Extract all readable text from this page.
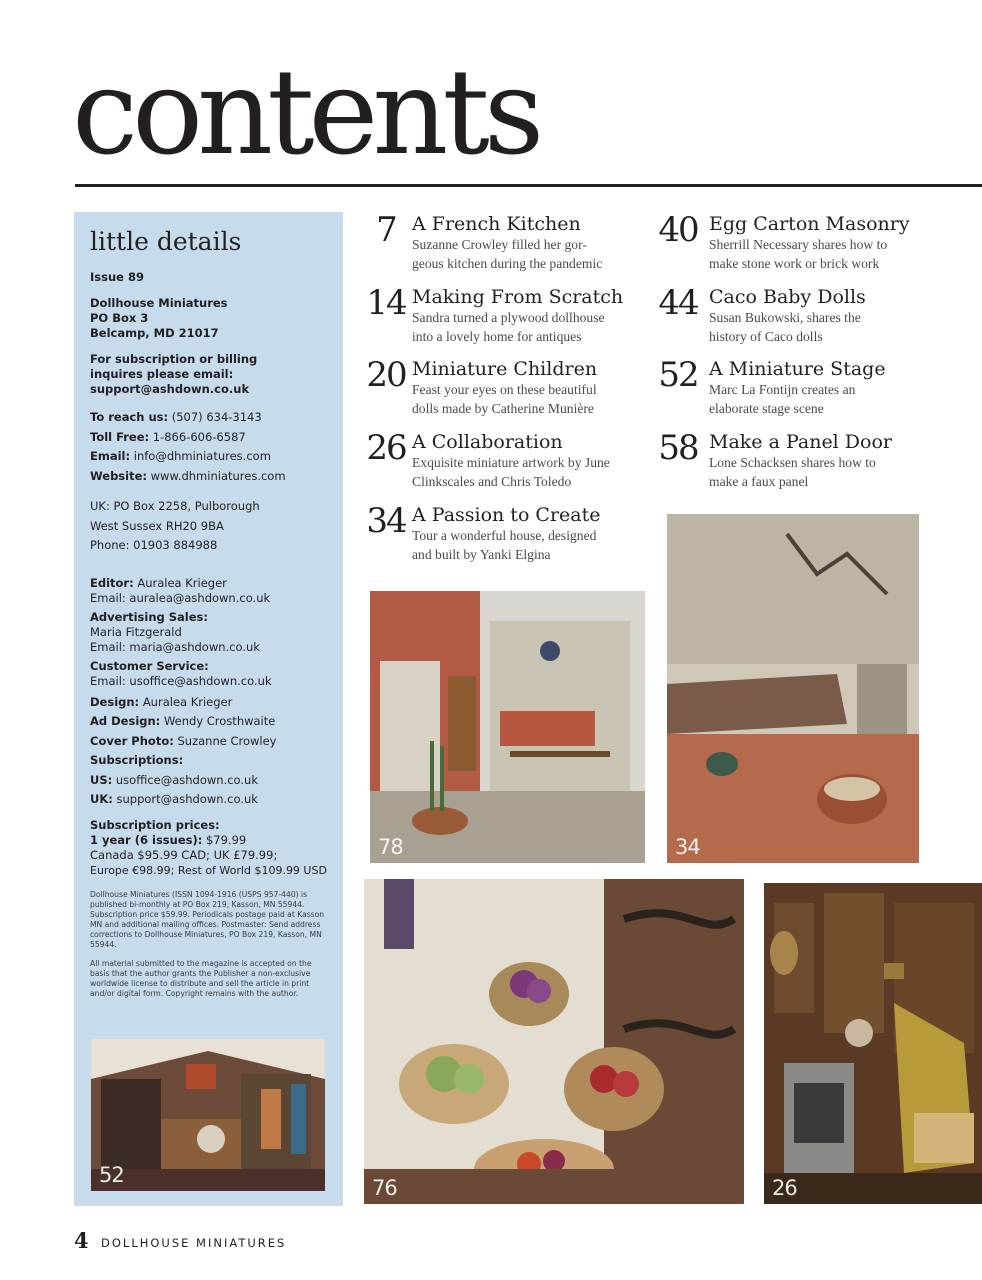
contents
little details
Issue 89
Dollhouse Miniatures
PO Box 3
Belcamp, MD 21017
For subscription or billing
inquires please email:
support@ashdown.co.uk
To reach us: (507) 634-3143
Toll Free: 1-866-606-6587
Email: info@dhminiatures.com
Website: www.dhminiatures.com
UK: PO Box 2258, Pulborough
West Sussex RH20 9BA
Phone: 01903 884988
Editor: Auralea Krieger
Email: auralea@ashdown.co.uk
Advertising Sales:
Maria Fitzgerald
Email: maria@ashdown.co.uk
Customer Service:
Email: usoffice@ashdown.co.uk
Design: Auralea Krieger
Ad Design: Wendy Crosthwaite
Cover Photo: Suzanne Crowley
Subscriptions:
US: usoffice@ashdown.co.uk
UK: support@ashdown.co.uk
Subscription prices:
1 year (6 issues): $79.99
Canada $95.99 CAD; UK £79.99;
Europe €98.99; Rest of World $109.99 USD
Dollhouse Miniatures (ISSN 1094-1916 (USPS 957-440) is published bi-monthly at PO Box 219, Kasson, MN 55944. Subscription price $59.99. Periodicals postage paid at Kasson MN and additional mailing offices. Postmaster: Send address corrections to Dollhouse Miniatures, PO Box 219, Kasson, MN 55944.
All material submitted to the magazine is accepted on the basis that the author grants the Publisher a non-exclusive worldwide license to distribute and sell the article in print and/or digital form. Copyright remains with the author.
52
7 A French Kitchen
Suzanne Crowley filled her gor-
geous kitchen during the pandemic
14 Making From Scratch
Sandra turned a plywood dollhouse
into a lovely home for antiques
20 Miniature Children
Feast your eyes on these beautiful
dolls made by Catherine Munière
26 A Collaboration
Exquisite miniature artwork by June
Clinkscales and Chris Toledo
34 A Passion to Create
Tour a wonderful house, designed
and built by Yanki Elgina
40 Egg Carton Masonry
Sherrill Necessary shares how to
make stone work or brick work
44 Caco Baby Dolls
Susan Bukowski, shares the
history of Caco dolls
52 A Miniature Stage
Marc La Fontijn creates an
elaborate stage scene
58 Make a Panel Door
Lone Schacksen shares how to
make a faux panel
78	34
76	26
4 DOLLHOUSE MINIATURES
